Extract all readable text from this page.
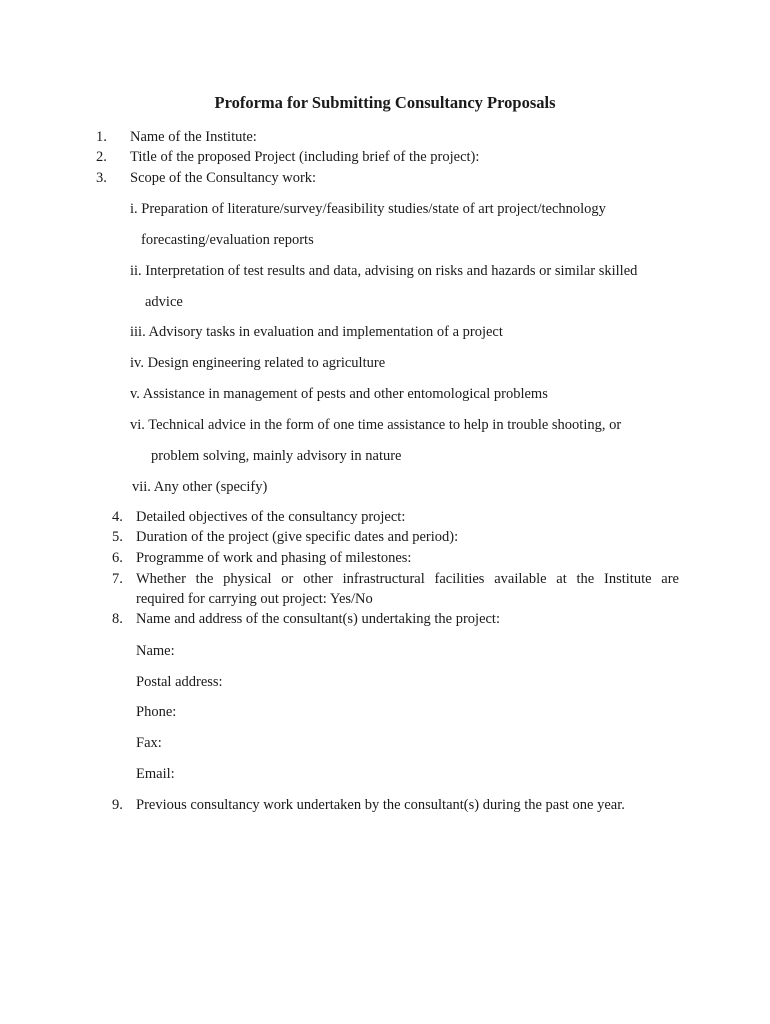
Proforma for Submitting Consultancy Proposals
1. Name of the Institute:
2. Title of the proposed Project (including brief of the project):
3. Scope of the Consultancy work:
i. Preparation of literature/survey/feasibility studies/state of art project/technology
forecasting/evaluation reports
ii. Interpretation of test results and data, advising on risks and hazards or similar skilled
advice
iii. Advisory tasks in evaluation and implementation of a project
iv. Design engineering related to agriculture
v. Assistance in management of pests and other entomological problems
vi. Technical advice in the form of one time assistance to help in trouble shooting, or
problem solving, mainly advisory in nature
vii. Any other (specify)
4. Detailed objectives of the consultancy project:
5. Duration of the project (give specific dates and period):
6. Programme of work and phasing of milestones:
7. Whether the physical or other infrastructural facilities available at the Institute are
required for carrying out project: Yes/No
8. Name and address of the consultant(s) undertaking the project:
Name:
Postal address:
Phone:
Fax:
Email:
9. Previous consultancy work undertaken by the consultant(s) during the past one year.
